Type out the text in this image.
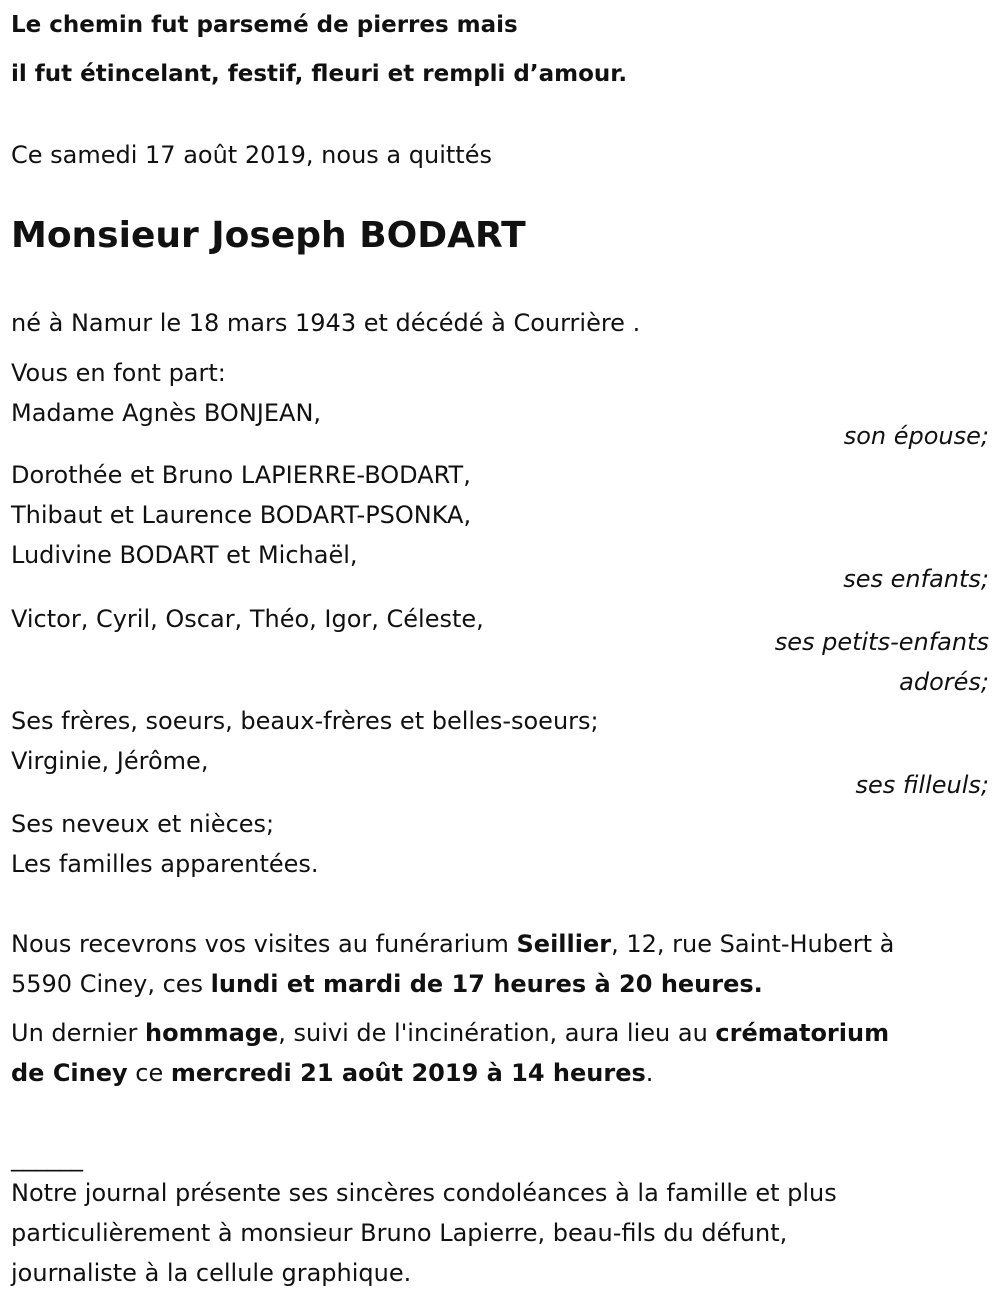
Le chemin fut parsemé de pierres mais
il fut étincelant, festif, fleuri et rempli d’amour.
Ce samedi 17 août 2019, nous a quittés
Monsieur Joseph BODART
né à Namur le 18 mars 1943 et décédé à Courrière .
Vous en font part:
Madame Agnès BONJEAN,
son épouse;
Dorothée et Bruno LAPIERRE-BODART,
Thibaut et Laurence BODART-PSONKA,
Ludivine BODART et Michaël,
ses enfants;
Victor, Cyril, Oscar, Théo, Igor, Céleste,
ses petits-enfants
adorés;
Ses frères, soeurs, beaux-frères et belles-soeurs;
Virginie, Jérôme,
ses filleuls;
Ses neveux et nièces;
Les familles apparentées.
Nous recevrons vos visites au funérarium Seillier, 12, rue Saint-Hubert à
5590 Ciney, ces lundi et mardi de 17 heures à 20 heures.
Un dernier hommage, suivi de l'incinération, aura lieu au crématorium
de Ciney ce mercredi 21 août 2019 à 14 heures.
______
Notre journal présente ses sincères condoléances à la famille et plus
particulièrement à monsieur Bruno Lapierre, beau-fils du défunt,
journaliste à la cellule graphique.
